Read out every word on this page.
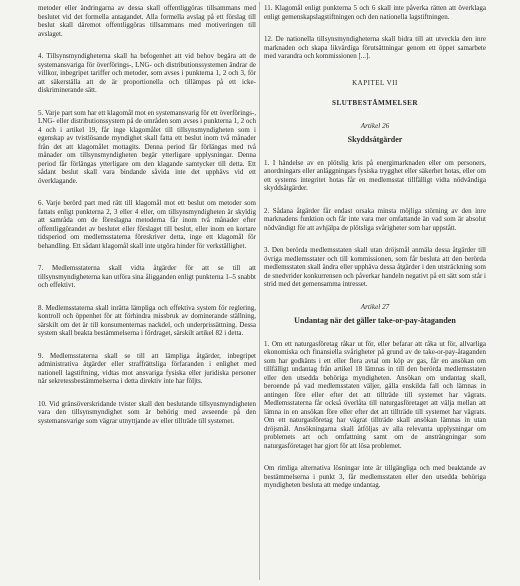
metoder eller ändringarna av dessa skall offentliggöras tillsammans med beslutet vid det formella antagandet. Alla formella avslag på ett förslag till beslut skall däremot offentliggöras tillsammans med motiveringen till avslaget.

4. Tillsynsmyndigheterna skall ha befogenhet att vid behov begära att de systemansvariga för överförings-, LNG- och distributionssystemen ändrar de villkor, inbegripet tariffer och metoder, som avses i punkterna 1, 2 och 3, för att säkerställa att de är proportionella och tillämpas på ett icke-diskriminerande sätt.

5. Varje part som har ett klagomål mot en systemansvarig för ett överförings-, LNG- eller distributionssystem på de områden som avses i punkterna 1, 2 och 4 och i artikel 19, får inge klagomålet till tillsynsmyndigheten som i egenskap av tvistlösande myndighet skall fatta ett beslut inom två månader från det att klagomålet mottagits. Denna period får förlängas med två månader om tillsynsmyndigheten begär ytterligare upplysningar. Denna period får förlängas ytterligare om den klagande samtycker till detta. Ett sådant beslut skall vara bindande såvida inte det upphävs vid ett överklagande.

6. Varje berörd part med rätt till klagomål mot ett beslut om metoder som fattats enligt punkterna 2, 3 eller 4 eller, om tillsynsmyndigheten är skyldig att samråda om de föreslagna metoderna får inom två månader efter offentliggörandet av beslutet eller förslaget till beslut, eller inom en kortare tidsperiod om medlemsstaterna föreskriver detta, inge ett klagomål för behandling. Ett sådant klagomål skall inte utgöra hinder för verkställighet.

7. Medlemsstaterna skall vidta åtgärder för att se till att tillsynsmyndigheterna kan utföra sina åligganden enligt punkterna 1–5 snabbt och effektivt.

8. Medlemsstaterna skall inrätta lämpliga och effektiva system för reglering, kontroll och öppenhet för att förhindra missbruk av dominerande ställning, särskilt om det är till konsumenternas nackdel, och underprissättning. Dessa system skall beakta bestämmelserna i fördraget, särskilt artikel 82 i detta.

9. Medlemsstaterna skall se till att lämpliga åtgärder, inbegripet administrativa åtgärder eller straffrättsliga förfaranden i enlighet med nationell lagstiftning, vidtas mot ansvariga fysiska eller juridiska personer när sekretessbestämmelserna i detta direktiv inte har följts.

10. Vid gränsöverskridande tvister skall den beslutande tillsynsmyndigheten vara den tillsynsmyndighet som är behörig med avseende på den systemansvarige som vägrar utnyttjande av eller tillträde till systemet.

11. Klagomål enligt punkterna 5 och 6 skall inte påverka rätten att överklaga enligt gemenskapslagstiftningen och den nationella lagstiftningen.

12. De nationella tillsynsmyndigheterna skall bidra till att utveckla den inre marknaden och skapa likvärdiga förutsättningar genom ett öppet samarbete med varandra och kommissionen [...].

KAPITEL VII
SLUTBESTÄMMELSER
Artikel 26
Skyddsåtgärder

1. I händelse av en plötslig kris på energimarknaden eller om personers, anordningars eller anläggningars fysiska trygghet eller säkerhet hotas, eller om ett systems integritet hotas får en medlemsstat tillfälligt vidta nödvändiga skyddsåtgärder.

2. Sådana åtgärder får endast orsaka minsta möjliga störning av den inre marknadens funktion och får inte vara mer omfattande än vad som är absolut nödvändigt för att avhjälpa de plötsliga svårigheter som har uppstått.

3. Den berörda medlemsstaten skall utan dröjsmål anmäla dessa åtgärder till övriga medlemsstater och till kommissionen, som får besluta att den berörda medlemsstaten skall ändra eller upphäva dessa åtgärder i den utsträckning som de snedvrider konkurrensen och påverkar handeln negativt på ett sätt som står i strid med det gemensamma intresset.

Artikel 27
Undantag när det gäller take-or-pay-åtaganden

1. Om ett naturgasföretag råkar ut för, eller befarar att råka ut för, allvarliga ekonomiska och finansiella svårigheter på grund av de take-or-pay-åtaganden som har godkänts i ett eller flera avtal om köp av gas, får en ansökan om tillfälligt undantag från artikel 18 lämnas in till den berörda medlemsstaten eller den utsedda behöriga myndigheten. Ansökan om undantag skall, beroende på vad medlemsstaten väljer, gälla enskilda fall och lämnas in antingen före eller efter det att tillträde till systemet har vägrats. Medlemsstaterna får också överlåta till naturgasföretaget att välja mellan att lämna in en ansökan före eller efter det att tillträde till systemet har vägrats. Om ett naturgasföretag har vägrat tillträde skall ansökan lämnas in utan dröjsmål. Ansökningarna skall åtföljas av alla relevanta upplysningar om problemets art och omfattning samt om de ansträngningar som naturgasföretaget har gjort för att lösa problemet.

Om rimliga alternativa lösningar inte är tillgängliga och med beaktande av bestämmelserna i punkt 3, får medlemsstaten eller den utsedda behöriga myndigheten besluta att medge undantag.
